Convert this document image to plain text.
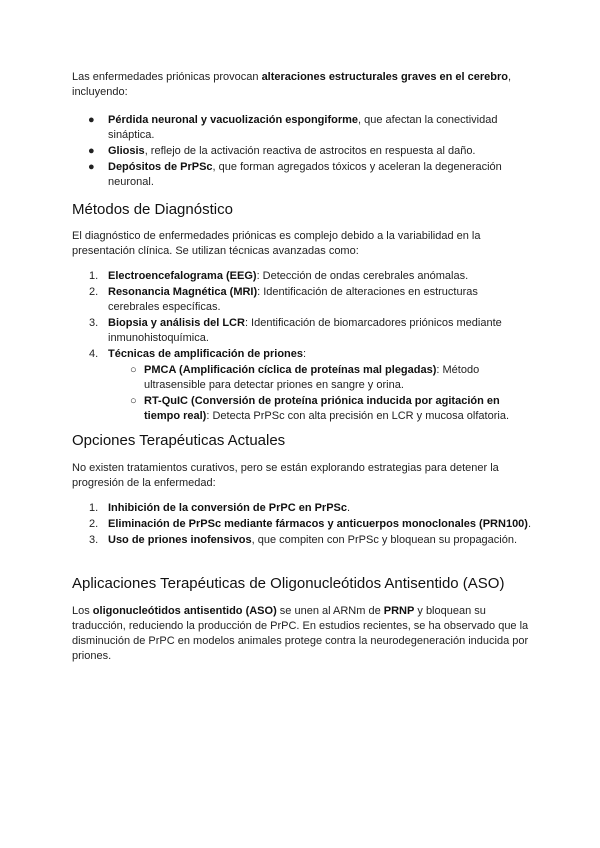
Las enfermedades priónicas provocan alteraciones estructurales graves en el cerebro, incluyendo:

● Pérdida neuronal y vacuolización espongiforme, que afectan la conectividad sináptica.
● Gliosis, reflejo de la activación reactiva de astrocitos en respuesta al daño.
● Depósitos de PrPSc, que forman agregados tóxicos y aceleran la degeneración neuronal.
Métodos de Diagnóstico

El diagnóstico de enfermedades priónicas es complejo debido a la variabilidad en la presentación clínica. Se utilizan técnicas avanzadas como:

1. Electroencefalograma (EEG): Detección de ondas cerebrales anómalas.
2. Resonancia Magnética (MRI): Identificación de alteraciones en estructuras cerebrales específicas.
3. Biopsia y análisis del LCR: Identificación de biomarcadores priónicos mediante inmunohistoquímica.
4. Técnicas de amplificación de priones:
○ PMCA (Amplificación cíclica de proteínas mal plegadas): Método ultrasensible para detectar priones en sangre y orina.
○ RT-QuIC (Conversión de proteína priónica inducida por agitación en tiempo real): Detecta PrPSc con alta precisión en LCR y mucosa olfatoria.
Opciones Terapéuticas Actuales

No existen tratamientos curativos, pero se están explorando estrategias para detener la progresión de la enfermedad:

1. Inhibición de la conversión de PrPC en PrPSc.
2. Eliminación de PrPSc mediante fármacos y anticuerpos monoclonales (PRN100).
3. Uso de priones inofensivos, que compiten con PrPSc y bloquean su propagación.
Aplicaciones Terapéuticas de Oligonucleótidos Antisentido (ASO)

Los oligonucleótidos antisentido (ASO) se unen al ARNm de PRNP y bloquean su traducción, reduciendo la producción de PrPC. En estudios recientes, se ha observado que la disminución de PrPC en modelos animales protege contra la neurodegeneración inducida por priones.
